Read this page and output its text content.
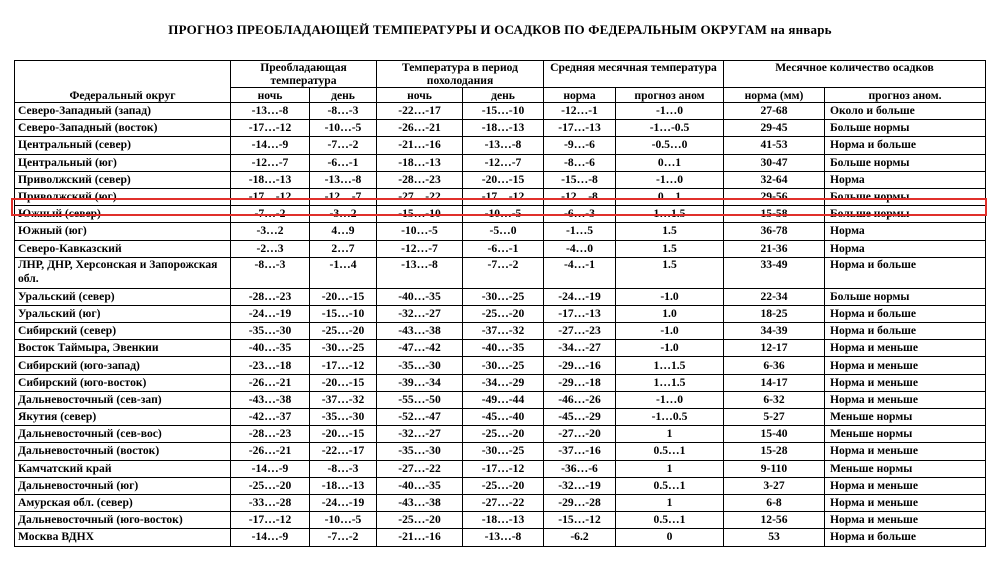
ПРОГНОЗ ПРЕОБЛАДАЮЩЕЙ ТЕМПЕРАТУРЫ И ОСАДКОВ ПО ФЕДЕРАЛЬНЫМ ОКРУГАМ на январь
Федеральный округ	Преобладающая температура		Температура в период похолодания		Средняя месячная температура		Месячное количество осадков	
	ночь	день	ночь	день	норма	прогноз аном	норма (мм)	прогноз аном.
Северо-Западный (запад)	-13…-8	-8…-3	-22…-17	-15…-10	-12…-1	-1…0	27-68	Около и больше
Северо-Западный (восток)	-17…-12	-10…-5	-26…-21	-18…-13	-17…-13	-1…-0.5	29-45	Больше нормы
Центральный (север)	-14…-9	-7…-2	-21…-16	-13…-8	-9…-6	-0.5…0	41-53	Норма и больше
Центральный (юг)	-12…-7	-6…-1	-18…-13	-12…-7	-8…-6	0…1	30-47	Больше нормы
Приволжский (север)	-18…-13	-13…-8	-28…-23	-20…-15	-15…-8	-1…0	32-64	Норма
Приволжский (юг)	-17…-12	-12…-7	-27…-22	-17…-12	-12…-8	0…1	29-56	Больше нормы
Южный (север)	-7…-2	-3…2	-15…-10	-10…-5	-6…-3	1…1.5	15-58	Больше нормы
Южный (юг)	-3…2	4…9	-10…-5	-5…0	-1…5	1.5	36-78	Норма
Северо-Кавказский	-2…3	2…7	-12…-7	-6…-1	-4…0	1.5	21-36	Норма
ЛНР, ДНР, Херсонская и Запорожская обл.	-8…-3	-1…4	-13…-8	-7…-2	-4…-1	1.5	33-49	Норма и больше
Уральский (север)	-28…-23	-20…-15	-40…-35	-30…-25	-24…-19	-1.0	22-34	Больше нормы
Уральский (юг)	-24…-19	-15…-10	-32…-27	-25…-20	-17…-13	1.0	18-25	Норма и больше
Сибирский (север)	-35…-30	-25…-20	-43…-38	-37…-32	-27…-23	-1.0	34-39	Норма и больше
Восток Таймыра, Эвенкии	-40…-35	-30…-25	-47…-42	-40…-35	-34…-27	-1.0	12-17	Норма и меньше
Сибирский (юго-запад)	-23…-18	-17…-12	-35…-30	-30…-25	-29…-16	1…1.5	6-36	Норма и меньше
Сибирский (юго-восток)	-26…-21	-20…-15	-39…-34	-34…-29	-29…-18	1…1.5	14-17	Норма и меньше
Дальневосточный (сев-зап)	-43…-38	-37…-32	-55…-50	-49…-44	-46…-26	-1…0	6-32	Норма и меньше
Якутия (север)	-42…-37	-35…-30	-52…-47	-45…-40	-45…-29	-1…0.5	5-27	Меньше нормы
Дальневосточный (сев-вос)	-28…-23	-20…-15	-32…-27	-25…-20	-27…-20	1	15-40	Меньше нормы
Дальневосточный (восток)	-26…-21	-22…-17	-35…-30	-30…-25	-37…-16	0.5…1	15-28	Норма и меньше
Камчатский край	-14…-9	-8…-3	-27…-22	-17…-12	-36…-6	1	9-110	Меньше нормы
Дальневосточный (юг)	-25…-20	-18…-13	-40…-35	-25…-20	-32…-19	0.5…1	3-27	Норма и меньше
Амурская обл. (север)	-33…-28	-24…-19	-43…-38	-27…-22	-29…-28	1	6-8	Норма и меньше
Дальневосточный (юго-восток)	-17…-12	-10…-5	-25…-20	-18…-13	-15…-12	0.5…1	12-56	Норма и меньше
Москва ВДНХ	-14…-9	-7…-2	-21…-16	-13…-8	-6.2	0	53	Норма и больше
